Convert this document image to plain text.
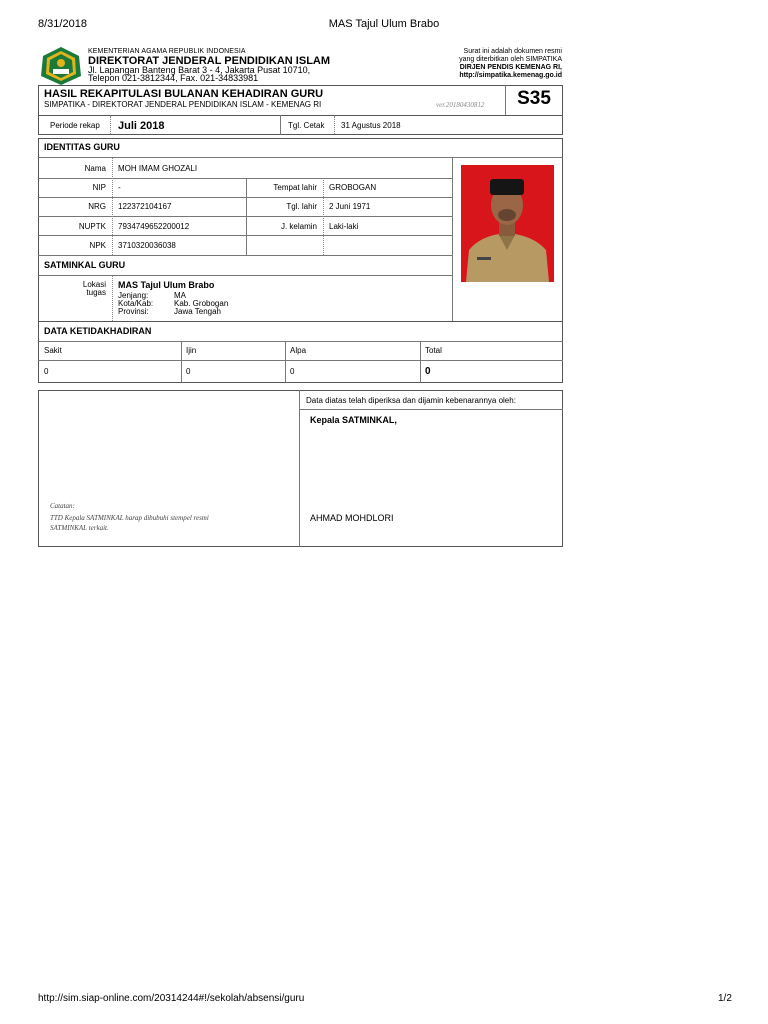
8/31/2018	MAS Tajul Ulum Brabo
http://sim.siap-online.com/20314244#!/sekolah/absensi/guru	1/2
KEMENTERIAN AGAMA REPUBLIK INDONESIA
DIREKTORAT JENDERAL PENDIDIKAN ISLAM
Jl. Lapangan Banteng Barat 3 - 4, Jakarta Pusat 10710,
Telepon 021-3812344, Fax. 021-34833981
Surat ini adalah dokumen resmi
yang diterbitkan oleh SIMPATIKA
DIRJEN PENDIS KEMENAG RI,
http://simpatika.kemenag.go.id
HASIL REKAPITULASI BULANAN KEHADIRAN GURU
SIMPATIKA - DIREKTORAT JENDERAL PENDIDIKAN ISLAM - KEMENAG RI	ver.20180430812	S35
Periode rekap Juli 2018	Tgl. Cetak 31 Agustus 2018
IDENTITAS GURU
Nama MOH IMAM GHOZALI
NIP -	Tempat lahir GROBOGAN
NRG 122372104167	Tgl. lahir 2 Juni 1971
NUPTK 7934749652200012	J. kelamin Laki-laki
NPK 3710320036038
SATMINKAL GURU
Lokasi
tugas
MAS Tajul Ulum Brabo
Jenjang:	MA
Kota/Kab:	Kab. Grobogan
Provinsi:	Jawa Tengah
DATA KETIDAKHADIRAN
Sakit	Ijin	Alpa	Total
0	0	0	0
Data diatas telah diperiksa dan dijamin kebenarannya oleh:
Kepala SATMINKAL,
AHMAD MOHDLORI
Catatan:
TTD Kepala SATMINKAL harap dibubuhi stempel resmi
SATMINKAL terkait.
